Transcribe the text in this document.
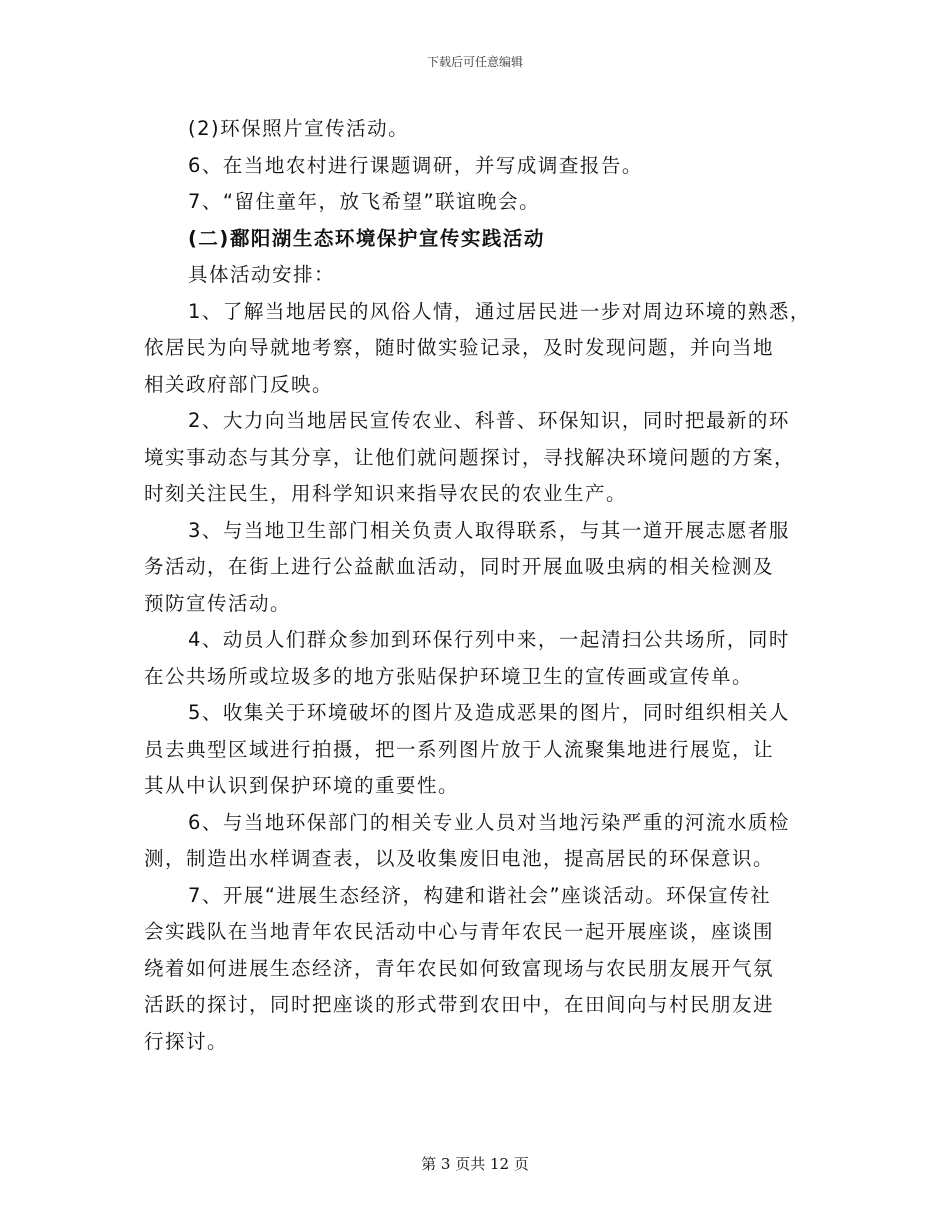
下载后可任意编辑
(2)环保照片宣传活动。
6、在当地农村进行课题调研，并写成调查报告。
7、“留住童年，放飞希望”联谊晚会。
(二)鄱阳湖生态环境保护宣传实践活动
具体活动安排：
1、了解当地居民的风俗人情，通过居民进一步对周边环境的熟悉，
依居民为向导就地考察，随时做实验记录，及时发现问题，并向当地
相关政府部门反映。
2、大力向当地居民宣传农业、科普、环保知识，同时把最新的环
境实事动态与其分享，让他们就问题探讨，寻找解决环境问题的方案，
时刻关注民生，用科学知识来指导农民的农业生产。
3、与当地卫生部门相关负责人取得联系，与其一道开展志愿者服
务活动，在街上进行公益献血活动，同时开展血吸虫病的相关检测及
预防宣传活动。
4、动员人们群众参加到环保行列中来，一起清扫公共场所，同时
在公共场所或垃圾多的地方张贴保护环境卫生的宣传画或宣传单。
5、收集关于环境破坏的图片及造成恶果的图片，同时组织相关人
员去典型区域进行拍摄，把一系列图片放于人流聚集地进行展览，让
其从中认识到保护环境的重要性。
6、与当地环保部门的相关专业人员对当地污染严重的河流水质检
测，制造出水样调查表，以及收集废旧电池，提高居民的环保意识。
7、开展“进展生态经济，构建和谐社会”座谈活动。环保宣传社
会实践队在当地青年农民活动中心与青年农民一起开展座谈，座谈围
绕着如何进展生态经济，青年农民如何致富现场与农民朋友展开气氛
活跃的探讨，同时把座谈的形式带到农田中，在田间向与村民朋友进
行探讨。
第 3 页共 12 页
